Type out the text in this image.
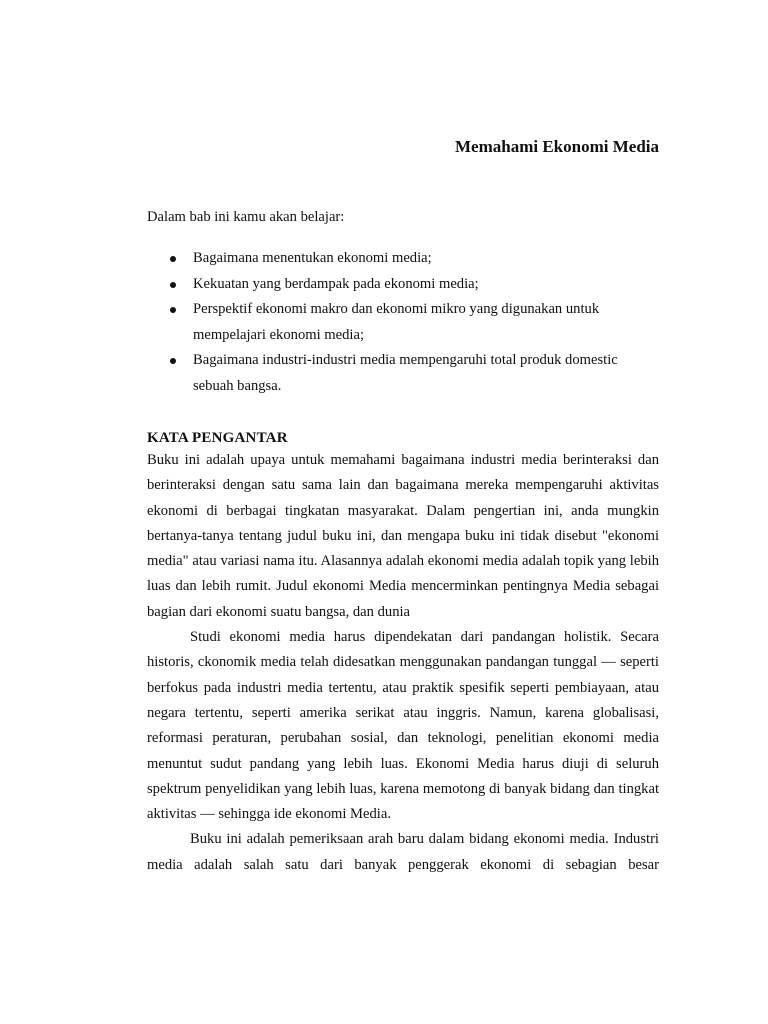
Memahami Ekonomi Media

Dalam bab ini kamu akan belajar:

Bagaimana menentukan ekonomi media;
Kekuatan yang berdampak pada ekonomi media;
Perspektif ekonomi makro dan ekonomi mikro yang digunakan untuk mempelajari ekonomi media;
Bagaimana industri-industri media mempengaruhi total produk domestic sebuah bangsa.
KATA PENGANTAR

Buku ini adalah upaya untuk memahami bagaimana industri media berinteraksi dan berinteraksi dengan satu sama lain dan bagaimana mereka mempengaruhi aktivitas ekonomi di berbagai tingkatan masyarakat. Dalam pengertian ini, anda mungkin bertanya-tanya tentang judul buku ini, dan mengapa buku ini tidak disebut "ekonomi media" atau variasi nama itu. Alasannya adalah ekonomi media adalah topik yang lebih luas dan lebih rumit. Judul ekonomi Media mencerminkan pentingnya Media sebagai bagian dari ekonomi suatu bangsa, dan dunia

Studi ekonomi media harus dipendekatan dari pandangan holistik. Secara historis, ckonomik media telah didesatkan menggunakan pandangan tunggal — seperti berfokus pada industri media tertentu, atau praktik spesifik seperti pembiayaan, atau negara tertentu, seperti amerika serikat atau inggris. Namun, karena globalisasi, reformasi peraturan, perubahan sosial, dan teknologi, penelitian ekonomi media menuntut sudut pandang yang lebih luas. Ekonomi Media harus diuji di seluruh spektrum penyelidikan yang lebih luas, karena memotong di banyak bidang dan tingkat aktivitas — sehingga ide ekonomi Media.

Buku ini adalah pemeriksaan arah baru dalam bidang ekonomi media. Industri media adalah salah satu dari banyak penggerak ekonomi di sebagian besar
